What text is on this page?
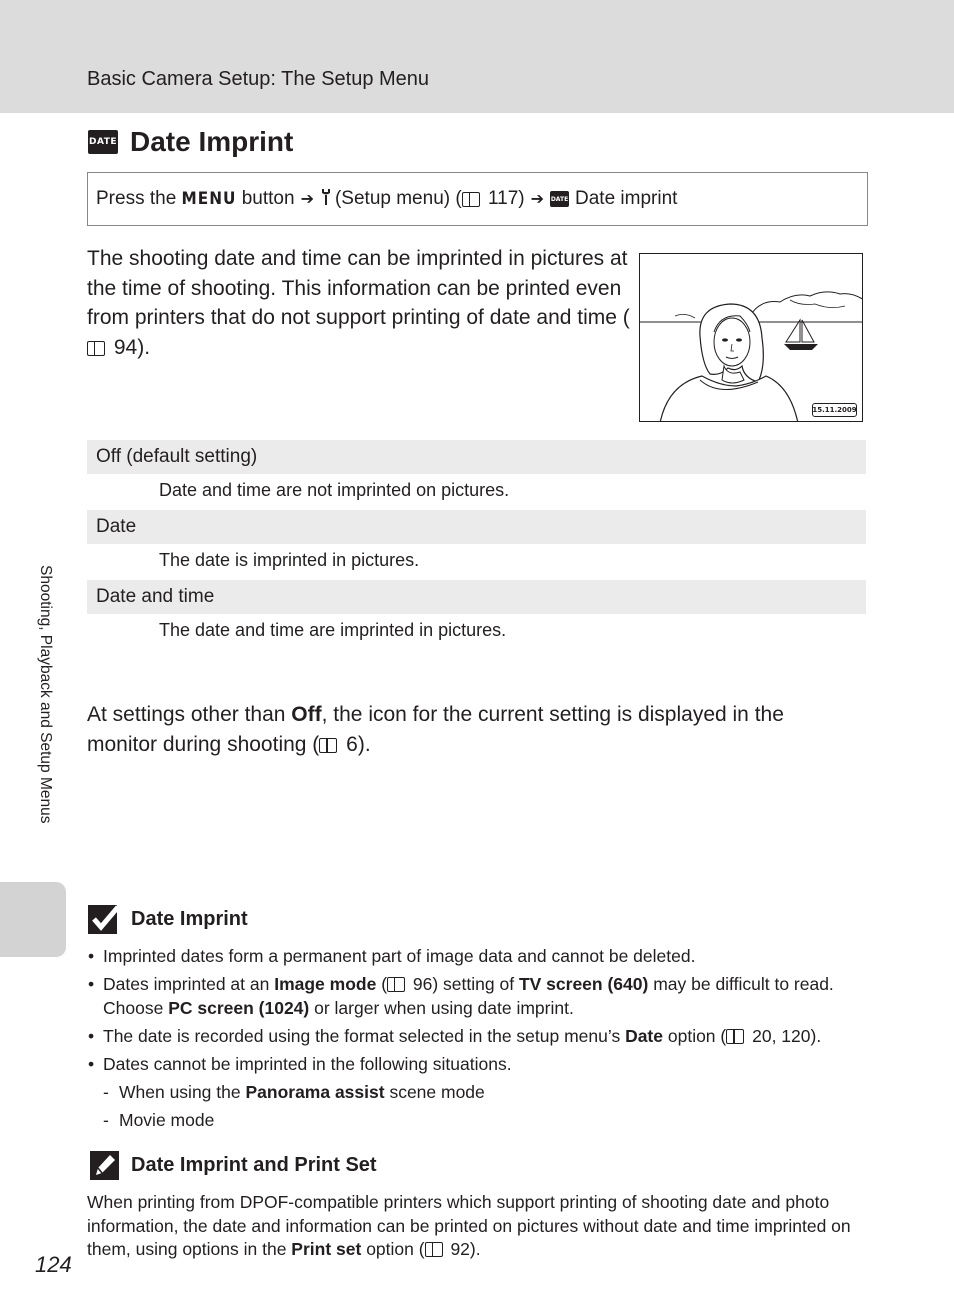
Basic Camera Setup: The Setup Menu
Shooting, Playback and Setup Menus
DATE Date Imprint
Press the
MENU
button ➔ (Setup menu) (
117) ➔ DATE Date imprint

The shooting date and time can be imprinted in pictures at the time of shooting. This information can be printed even from printers that do not support printing of date and time ( 94).

15.11.2009
Off (default setting)
Date and time are not imprinted on pictures.
Date
The date is imprinted in pictures.
Date and time
The date and time are imprinted in pictures.

At settings other than Off, the icon for the current setting is displayed in the monitor during shooting ( 6).

Date Imprint
• Imprinted dates form a permanent part of image data and cannot be deleted.
• Dates imprinted at an Image mode ( 96) setting of TV screen (640) may be difficult to read. Choose PC screen (1024) or larger when using date imprint.
• The date is recorded using the format selected in the setup menu’s Date option ( 20, 120).
• Dates cannot be imprinted in the following situations.
- When using the Panorama assist scene mode
- Movie mode
Date Imprint and Print Set

When printing from DPOF-compatible printers which support printing of shooting date and photo information, the date and information can be printed on pictures without date and time imprinted on them, using options in the Print set option ( 92).

124
